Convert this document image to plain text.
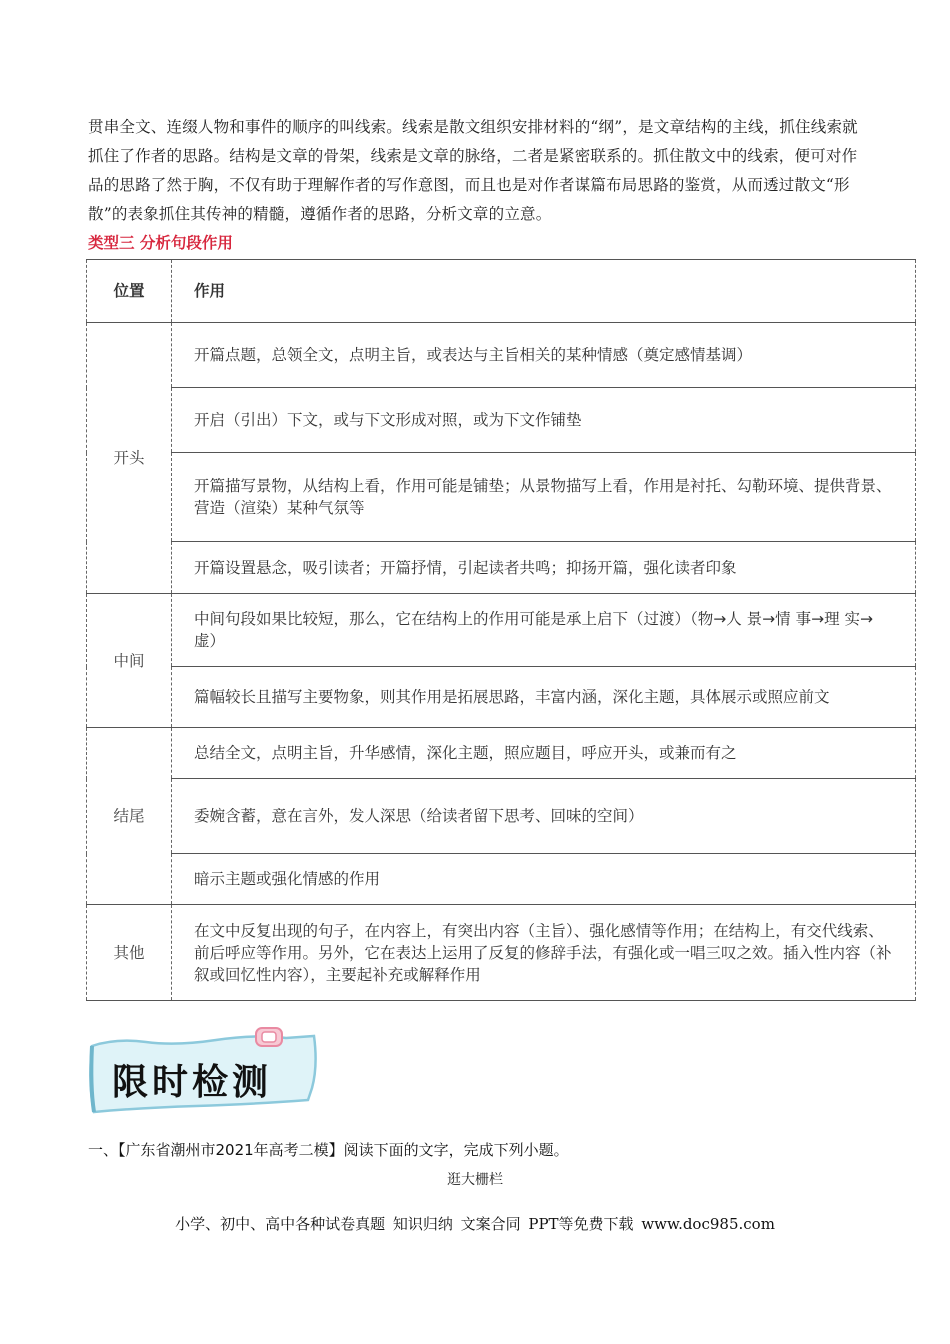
贯串全文、连缀人物和事件的顺序的叫线索。线索是散文组织安排材料的“纲”，是文章结构的主线，抓住线索就抓住了作者的思路。结构是文章的骨架，线索是文章的脉络，二者是紧密联系的。抓住散文中的线索，便可对作品的思路了然于胸，不仅有助于理解作者的写作意图，而且也是对作者谋篇布局思路的鉴赏，从而透过散文“形散”的表象抓住其传神的精髓，遵循作者的思路，分析文章的立意。

类型三 分析句段作用

位置	作用
开头	开篇点题，总领全文，点明主旨，或表达与主旨相关的某种情感（奠定感情基调）
	开启（引出）下文，或与下文形成对照，或为下文作铺垫
	开篇描写景物，从结构上看，作用可能是铺垫；从景物描写上看，作用是衬托、勾勒环境、提供背景、营造（渲染）某种气氛等
	开篇设置悬念，吸引读者；开篇抒情，引起读者共鸣；抑扬开篇，强化读者印象
中间	中间句段如果比较短，那么，它在结构上的作用可能是承上启下（过渡）（物→人 景→情 事→理 实→虚）
	篇幅较长且描写主要物象，则其作用是拓展思路，丰富内涵，深化主题，具体展示或照应前文
结尾	总结全文，点明主旨，升华感情，深化主题，照应题目，呼应开头，或兼而有之
	委婉含蓄，意在言外，发人深思（给读者留下思考、回味的空间）
	暗示主题或强化情感的作用
其他	在文中反复出现的句子，在内容上，有突出内容（主旨）、强化感情等作用；在结构上，有交代线索、前后呼应等作用。另外，它在表达上运用了反复的修辞手法，有强化或一唱三叹之效。插入性内容（补叙或回忆性内容），主要起补充或解释作用
限时检测
一、【广东省潮州市2021年高考二模】阅读下面的文字，完成下列小题。
逛大栅栏
小学、初中、高中各种试卷真题 知识归纳 文案合同 PPT等免费下载 www.doc985.com
